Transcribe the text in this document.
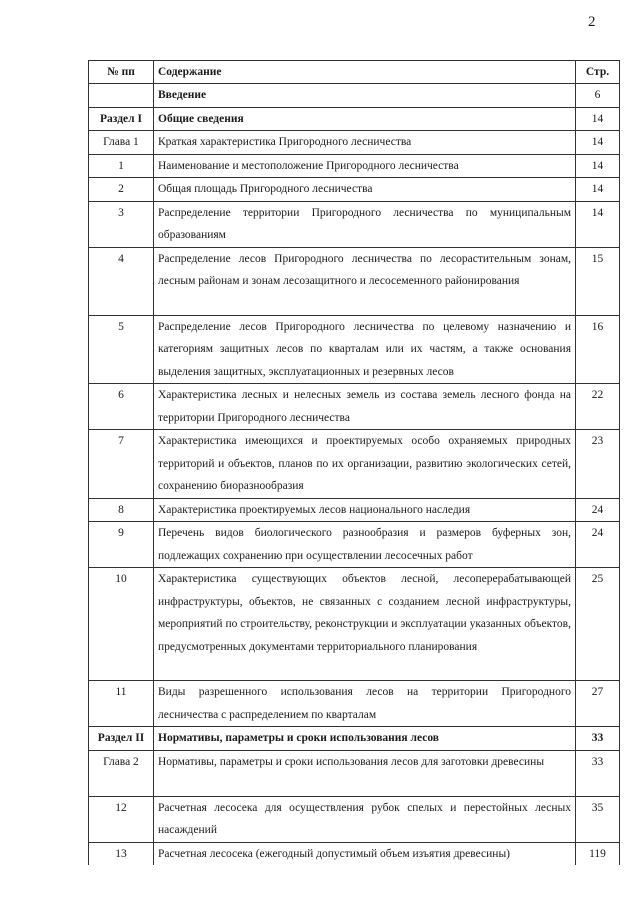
2
№ пп	Содержание	Стр.
	Введение	6
Раздел I	Общие сведения	14
Глава 1	Краткая характеристика Пригородного лесничества	14
1	Наименование и местоположение Пригородного лесничества	14
2	Общая площадь Пригородного лесничества	14
3	Распределение территории Пригородного лесничества по муниципальным образованиям	14
4	Распределение лесов Пригородного лесничества по лесорастительным зонам, лесным районам и зонам лесозащитного и лесосеменного районирования	15
5	Распределение лесов Пригородного лесничества по целевому назначению и категориям защитных лесов по кварталам или их частям, а также основания выделения защитных, эксплуатационных и резервных лесов	16
6	Характеристика лесных и нелесных земель из состава земель лесного фонда на территории Пригородного лесничества	22
7	Характеристика имеющихся и проектируемых особо охраняемых природных территорий и объектов, планов по их организации, развитию экологических сетей, сохранению биоразнообразия	23
8	Характеристика проектируемых лесов национального наследия	24
9	Перечень видов биологического разнообразия и размеров буферных зон, подлежащих сохранению при осуществлении лесосечных работ	24
10	Характеристика существующих объектов лесной, лесоперерабатывающей инфраструктуры, объектов, не связанных с созданием лесной инфраструктуры, мероприятий по строительству, реконструкции и эксплуатации указанных объектов, предусмотренных документами территориального планирования	25
11	Виды разрешенного использования лесов на территории Пригородного лесничества с распределением по кварталам	27
Раздел II	Нормативы, параметры и сроки использования лесов	33
Глава 2	Нормативы, параметры и сроки использования лесов для заготовки древесины	33
12	Расчетная лесосека для осуществления рубок спелых и перестойных лесных насаждений	35
13	Расчетная лесосека (ежегодный допустимый объем изъятия древесины)	119
